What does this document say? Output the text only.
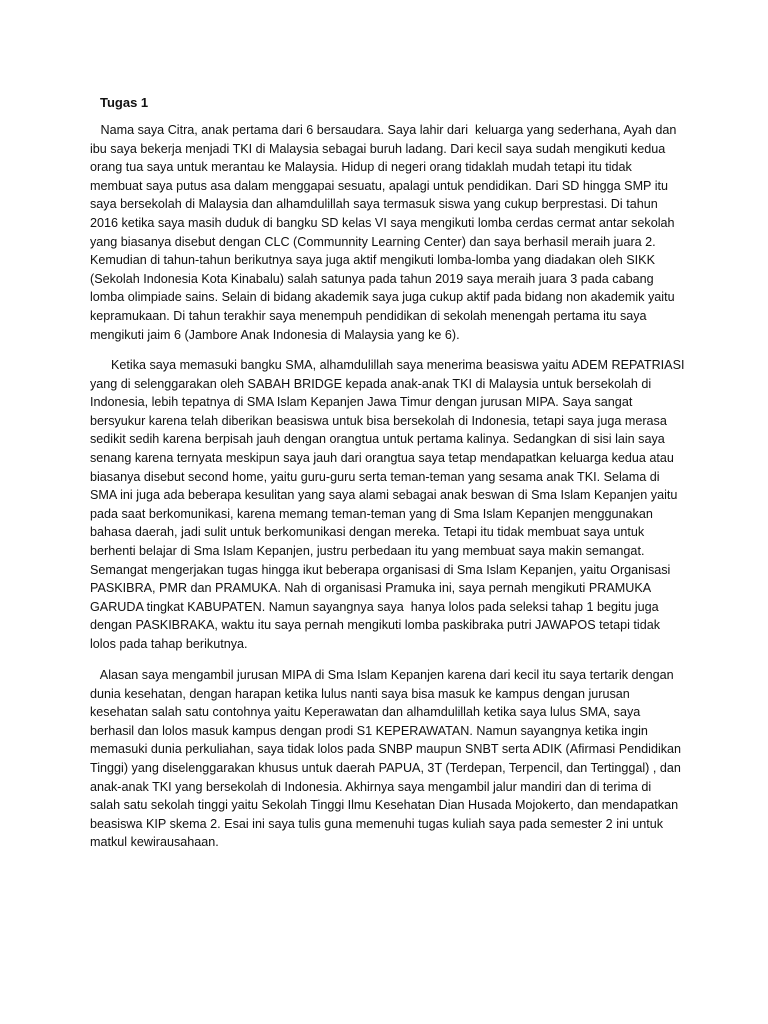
Tugas 1

Nama saya Citra, anak pertama dari 6 bersaudara. Saya lahir dari  keluarga yang sederhana, Ayah dan
ibu saya bekerja menjadi TKI di Malaysia sebagai buruh ladang. Dari kecil saya sudah mengikuti kedua
orang tua saya untuk merantau ke Malaysia. Hidup di negeri orang tidaklah mudah tetapi itu tidak
membuat saya putus asa dalam menggapai sesuatu, apalagi untuk pendidikan. Dari SD hingga SMP itu
saya bersekolah di Malaysia dan alhamdulillah saya termasuk siswa yang cukup berprestasi. Di tahun
2016 ketika saya masih duduk di bangku SD kelas VI saya mengikuti lomba cerdas cermat antar sekolah
yang biasanya disebut dengan CLC (Communnity Learning Center) dan saya berhasil meraih juara 2.
Kemudian di tahun-tahun berikutnya saya juga aktif mengikuti lomba-lomba yang diadakan oleh SIKK
(Sekolah Indonesia Kota Kinabalu) salah satunya pada tahun 2019 saya meraih juara 3 pada cabang
lomba olimpiade sains. Selain di bidang akademik saya juga cukup aktif pada bidang non akademik yaitu
kepramukaan. Di tahun terakhir saya menempuh pendidikan di sekolah menengah pertama itu saya
mengikuti jaim 6 (Jambore Anak Indonesia di Malaysia yang ke 6).

Ketika saya memasuki bangku SMA, alhamdulillah saya menerima beasiswa yaitu ADEM REPATRIASI
yang di selenggarakan oleh SABAH BRIDGE kepada anak-anak TKI di Malaysia untuk bersekolah di
Indonesia, lebih tepatnya di SMA Islam Kepanjen Jawa Timur dengan jurusan MIPA. Saya sangat
bersyukur karena telah diberikan beasiswa untuk bisa bersekolah di Indonesia, tetapi saya juga merasa
sedikit sedih karena berpisah jauh dengan orangtua untuk pertama kalinya. Sedangkan di sisi lain saya
senang karena ternyata meskipun saya jauh dari orangtua saya tetap mendapatkan keluarga kedua atau
biasanya disebut second home, yaitu guru-guru serta teman-teman yang sesama anak TKI. Selama di
SMA ini juga ada beberapa kesulitan yang saya alami sebagai anak beswan di Sma Islam Kepanjen yaitu
pada saat berkomunikasi, karena memang teman-teman yang di Sma Islam Kepanjen menggunakan
bahasa daerah, jadi sulit untuk berkomunikasi dengan mereka. Tetapi itu tidak membuat saya untuk
berhenti belajar di Sma Islam Kepanjen, justru perbedaan itu yang membuat saya makin semangat.
Semangat mengerjakan tugas hingga ikut beberapa organisasi di Sma Islam Kepanjen, yaitu Organisasi
PASKIBRA, PMR dan PRAMUKA. Nah di organisasi Pramuka ini, saya pernah mengikuti PRAMUKA
GARUDA tingkat KABUPATEN. Namun sayangnya saya  hanya lolos pada seleksi tahap 1 begitu juga
dengan PASKIBRAKA, waktu itu saya pernah mengikuti lomba paskibraka putri JAWAPOS tetapi tidak
lolos pada tahap berikutnya.

Alasan saya mengambil jurusan MIPA di Sma Islam Kepanjen karena dari kecil itu saya tertarik dengan
dunia kesehatan, dengan harapan ketika lulus nanti saya bisa masuk ke kampus dengan jurusan
kesehatan salah satu contohnya yaitu Keperawatan dan alhamdulillah ketika saya lulus SMA, saya
berhasil dan lolos masuk kampus dengan prodi S1 KEPERAWATAN. Namun sayangnya ketika ingin
memasuki dunia perkuliahan, saya tidak lolos pada SNBP maupun SNBT serta ADIK (Afirmasi Pendidikan
Tinggi) yang diselenggarakan khusus untuk daerah PAPUA, 3T (Terdepan, Terpencil, dan Tertinggal) , dan
anak-anak TKI yang bersekolah di Indonesia. Akhirnya saya mengambil jalur mandiri dan di terima di
salah satu sekolah tinggi yaitu Sekolah Tinggi Ilmu Kesehatan Dian Husada Mojokerto, dan mendapatkan
beasiswa KIP skema 2. Esai ini saya tulis guna memenuhi tugas kuliah saya pada semester 2 ini untuk
matkul kewirausahaan.
